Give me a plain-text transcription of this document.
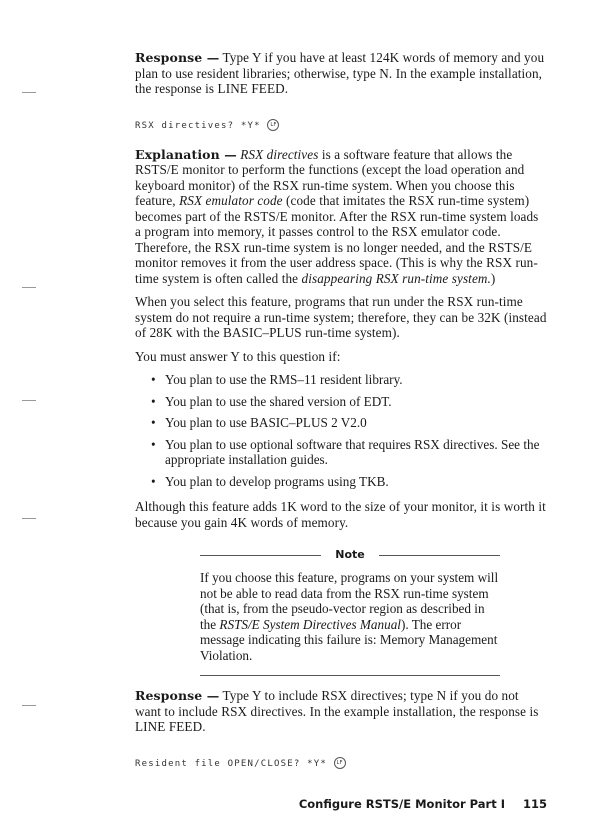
Response — Type Y if you have at least 124K words of memory and you plan to use resident libraries; otherwise, type N. In the example installation, the response is LINE FEED.
RSX directives? *Y* LF
Explanation — RSX directives is a software feature that allows the RSTS/E monitor to perform the functions (except the load operation and keyboard monitor) of the RSX run-time system. When you choose this feature, RSX emulator code (code that imitates the RSX run-time system) becomes part of the RSTS/E monitor. After the RSX run-time system loads a program into memory, it passes control to the RSX emulator code. Therefore, the RSX run-time system is no longer needed, and the RSTS/E monitor removes it from the user address space. (This is why the RSX run-time system is often called the disappearing RSX run-time system.)
When you select this feature, programs that run under the RSX run-time system do not require a run-time system; therefore, they can be 32K (instead of 28K with the BASIC–PLUS run-time system).
You must answer Y to this question if:
• You plan to use the RMS–11 resident library.
• You plan to use the shared version of EDT.
• You plan to use BASIC–PLUS 2 V2.0
• You plan to use optional software that requires RSX directives. See the appropriate installation guides.
• You plan to develop programs using TKB.
Although this feature adds 1K word to the size of your monitor, it is worth it because you gain 4K words of memory.
Note
If you choose this feature, programs on your system will not be able to read data from the RSX run-time system (that is, from the pseudo-vector region as described in the RSTS/E System Directives Manual). The error message indicating this failure is: Memory Management Violation.
Response — Type Y to include RSX directives; type N if you do not want to include RSX directives. In the example installation, the response is LINE FEED.
Resident file OPEN/CLOSE? *Y* LF
Configure RSTS/E Monitor Part I 115
